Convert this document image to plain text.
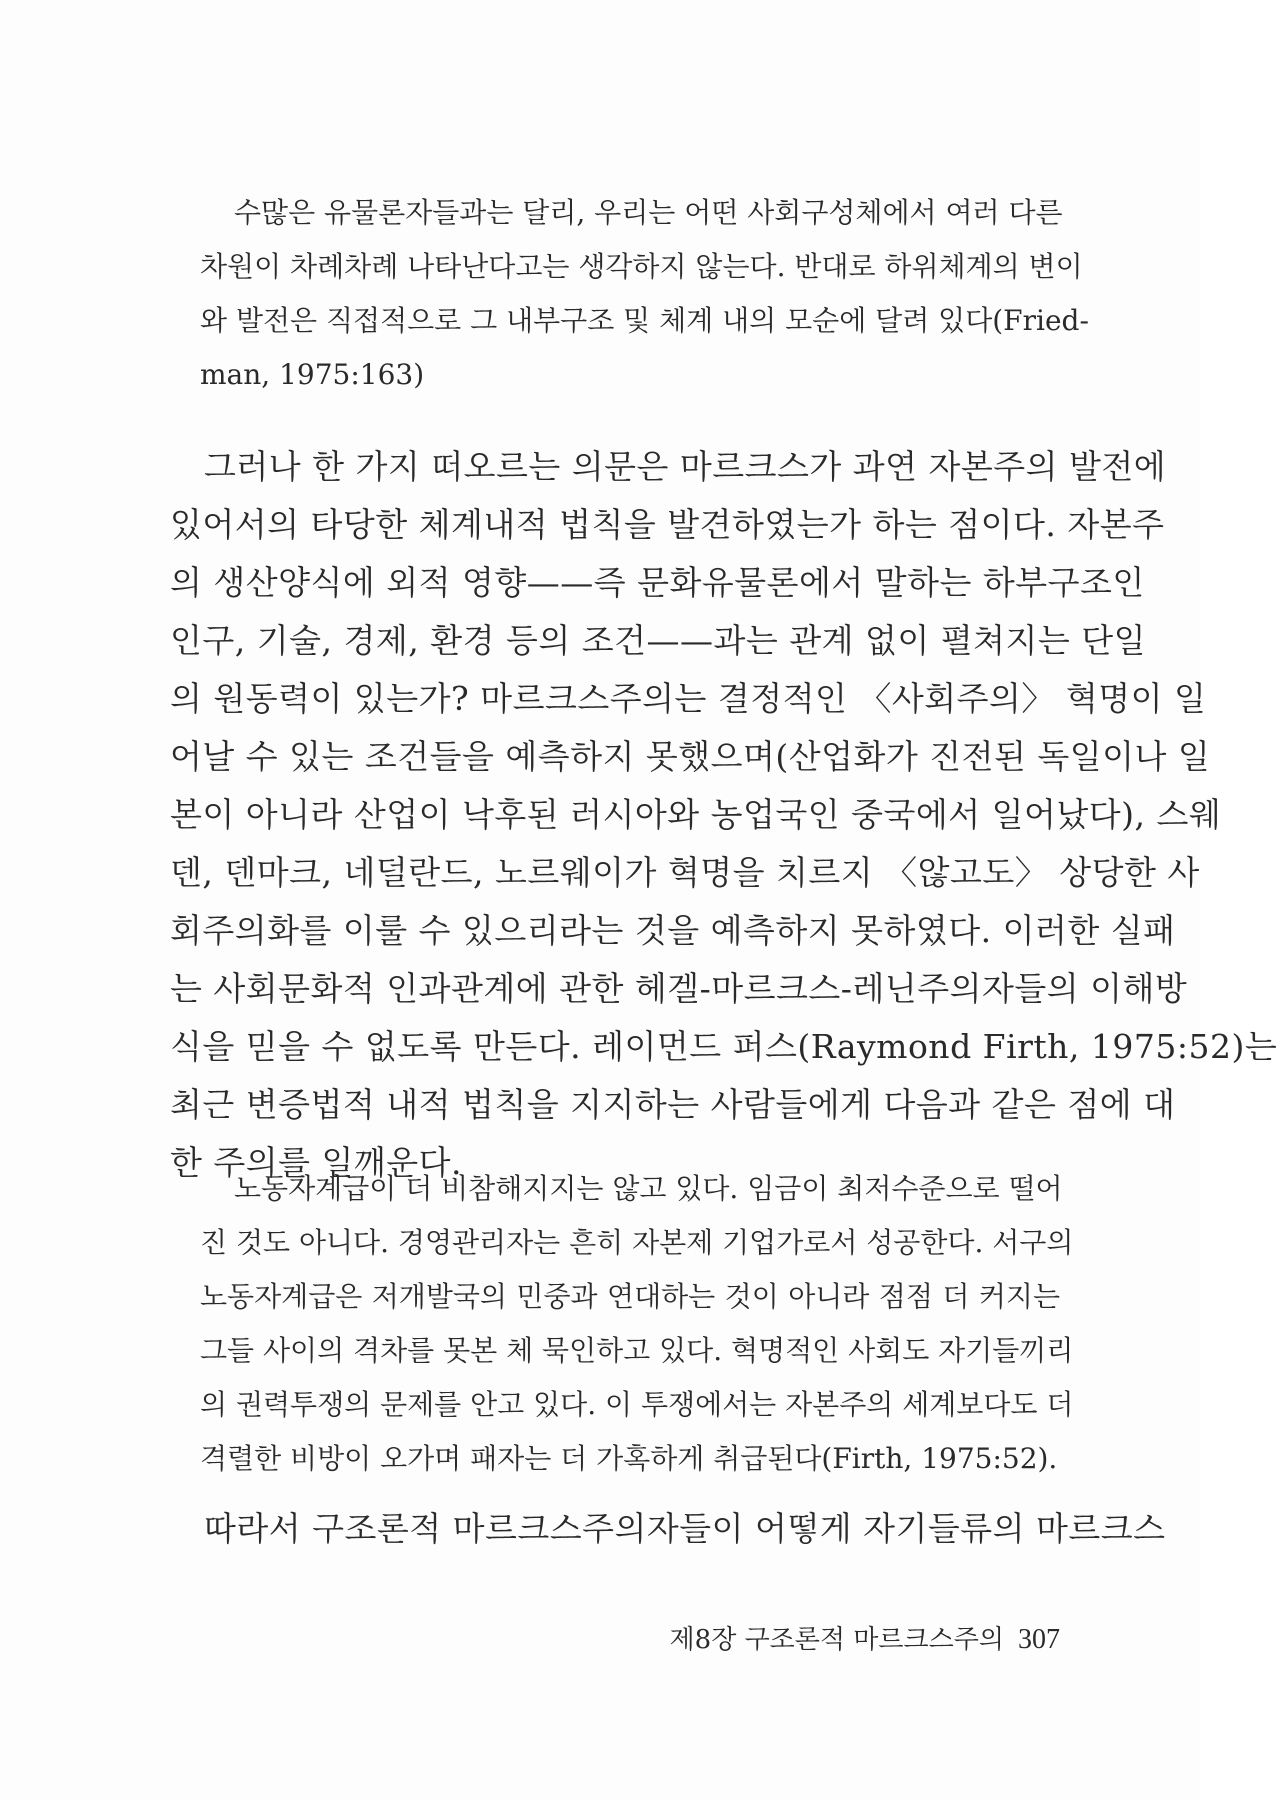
수많은 유물론자들과는 달리, 우리는 어떤 사회구성체에서 여러 다른
차원이 차례차례 나타난다고는 생각하지 않는다. 반대로 하위체계의 변이
와 발전은 직접적으로 그 내부구조 및 체계 내의 모순에 달려 있다(Fried-
man, 1975:163)
그러나 한 가지 떠오르는 의문은 마르크스가 과연 자본주의 발전에
있어서의 타당한 체계내적 법칙을 발견하였는가 하는 점이다. 자본주
의 생산양식에 외적 영향——즉 문화유물론에서 말하는 하부구조인
인구, 기술, 경제, 환경 등의 조건——과는 관계 없이 펼쳐지는 단일
의 원동력이 있는가? 마르크스주의는 결정적인 〈사회주의〉 혁명이 일
어날 수 있는 조건들을 예측하지 못했으며(산업화가 진전된 독일이나 일
본이 아니라 산업이 낙후된 러시아와 농업국인 중국에서 일어났다), 스웨
덴, 덴마크, 네덜란드, 노르웨이가 혁명을 치르지 〈않고도〉 상당한 사
회주의화를 이룰 수 있으리라는 것을 예측하지 못하였다. 이러한 실패
는 사회문화적 인과관계에 관한 헤겔-마르크스-레닌주의자들의 이해방
식을 믿을 수 없도록 만든다. 레이먼드 퍼스(Raymond Firth, 1975:52)는
최근 변증법적 내적 법칙을 지지하는 사람들에게 다음과 같은 점에 대
한 주의를 일깨운다.
노동자계급이 더 비참해지지는 않고 있다. 임금이 최저수준으로 떨어
진 것도 아니다. 경영관리자는 흔히 자본제 기업가로서 성공한다. 서구의
노동자계급은 저개발국의 민중과 연대하는 것이 아니라 점점 더 커지는
그들 사이의 격차를 못본 체 묵인하고 있다. 혁명적인 사회도 자기들끼리
의 권력투쟁의 문제를 안고 있다. 이 투쟁에서는 자본주의 세계보다도 더
격렬한 비방이 오가며 패자는 더 가혹하게 취급된다(Firth, 1975:52).
따라서 구조론적 마르크스주의자들이 어떻게 자기들류의 마르크스
제8장 구조론적 마르크스주의 307
